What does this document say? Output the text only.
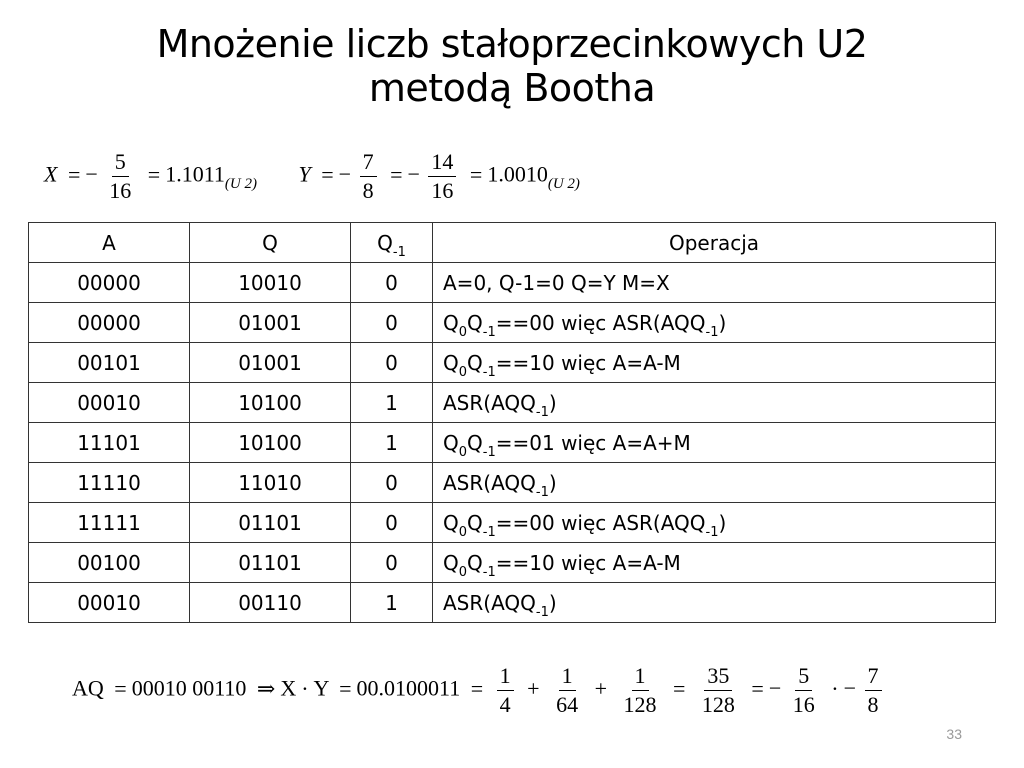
Mnożenie liczb stałoprzecinkowych U2
metodą Bootha
X = − $\frac{5}{16} = 1.1011_{(U 2)}$ Y = − $\frac{7}{8}$ = − $\frac{14}{16} = 1.0010_{(U 2)}$
A	Q	$Q_{-1}$	Operacja
00000	10010	0	A=0, Q-1=0 Q=Y M=X
00000	01001	0	$Q_0Q_{-1}==00$ więc $ASR(AQQ_{-1})$
00101	01001	0	$Q_0Q_{-1}==10$ więc A=A-M
00010	10100	1	$ASR(AQQ_{-1})$
11101	10100	1	$Q_0Q_{-1}==01$ więc A=A+M
11110	11010	0	$ASR(AQQ_{-1})$
11111	01101	0	$Q_0Q_{-1}==00$ więc $ASR(AQQ_{-1})$
00100	01101	0	$Q_0Q_{-1}==10$ więc A=A-M
00010	00110	1	$ASR(AQQ_{-1})$
AQ = 00010 00110 ⇒ $X \cdot Y = 00.0100011 = \frac{1}{4} + \frac{1}{64} + \frac{1}{128} = \frac{35}{128}$ = − $\frac{5}{16}$ · − $\frac{7}{8}$
33
